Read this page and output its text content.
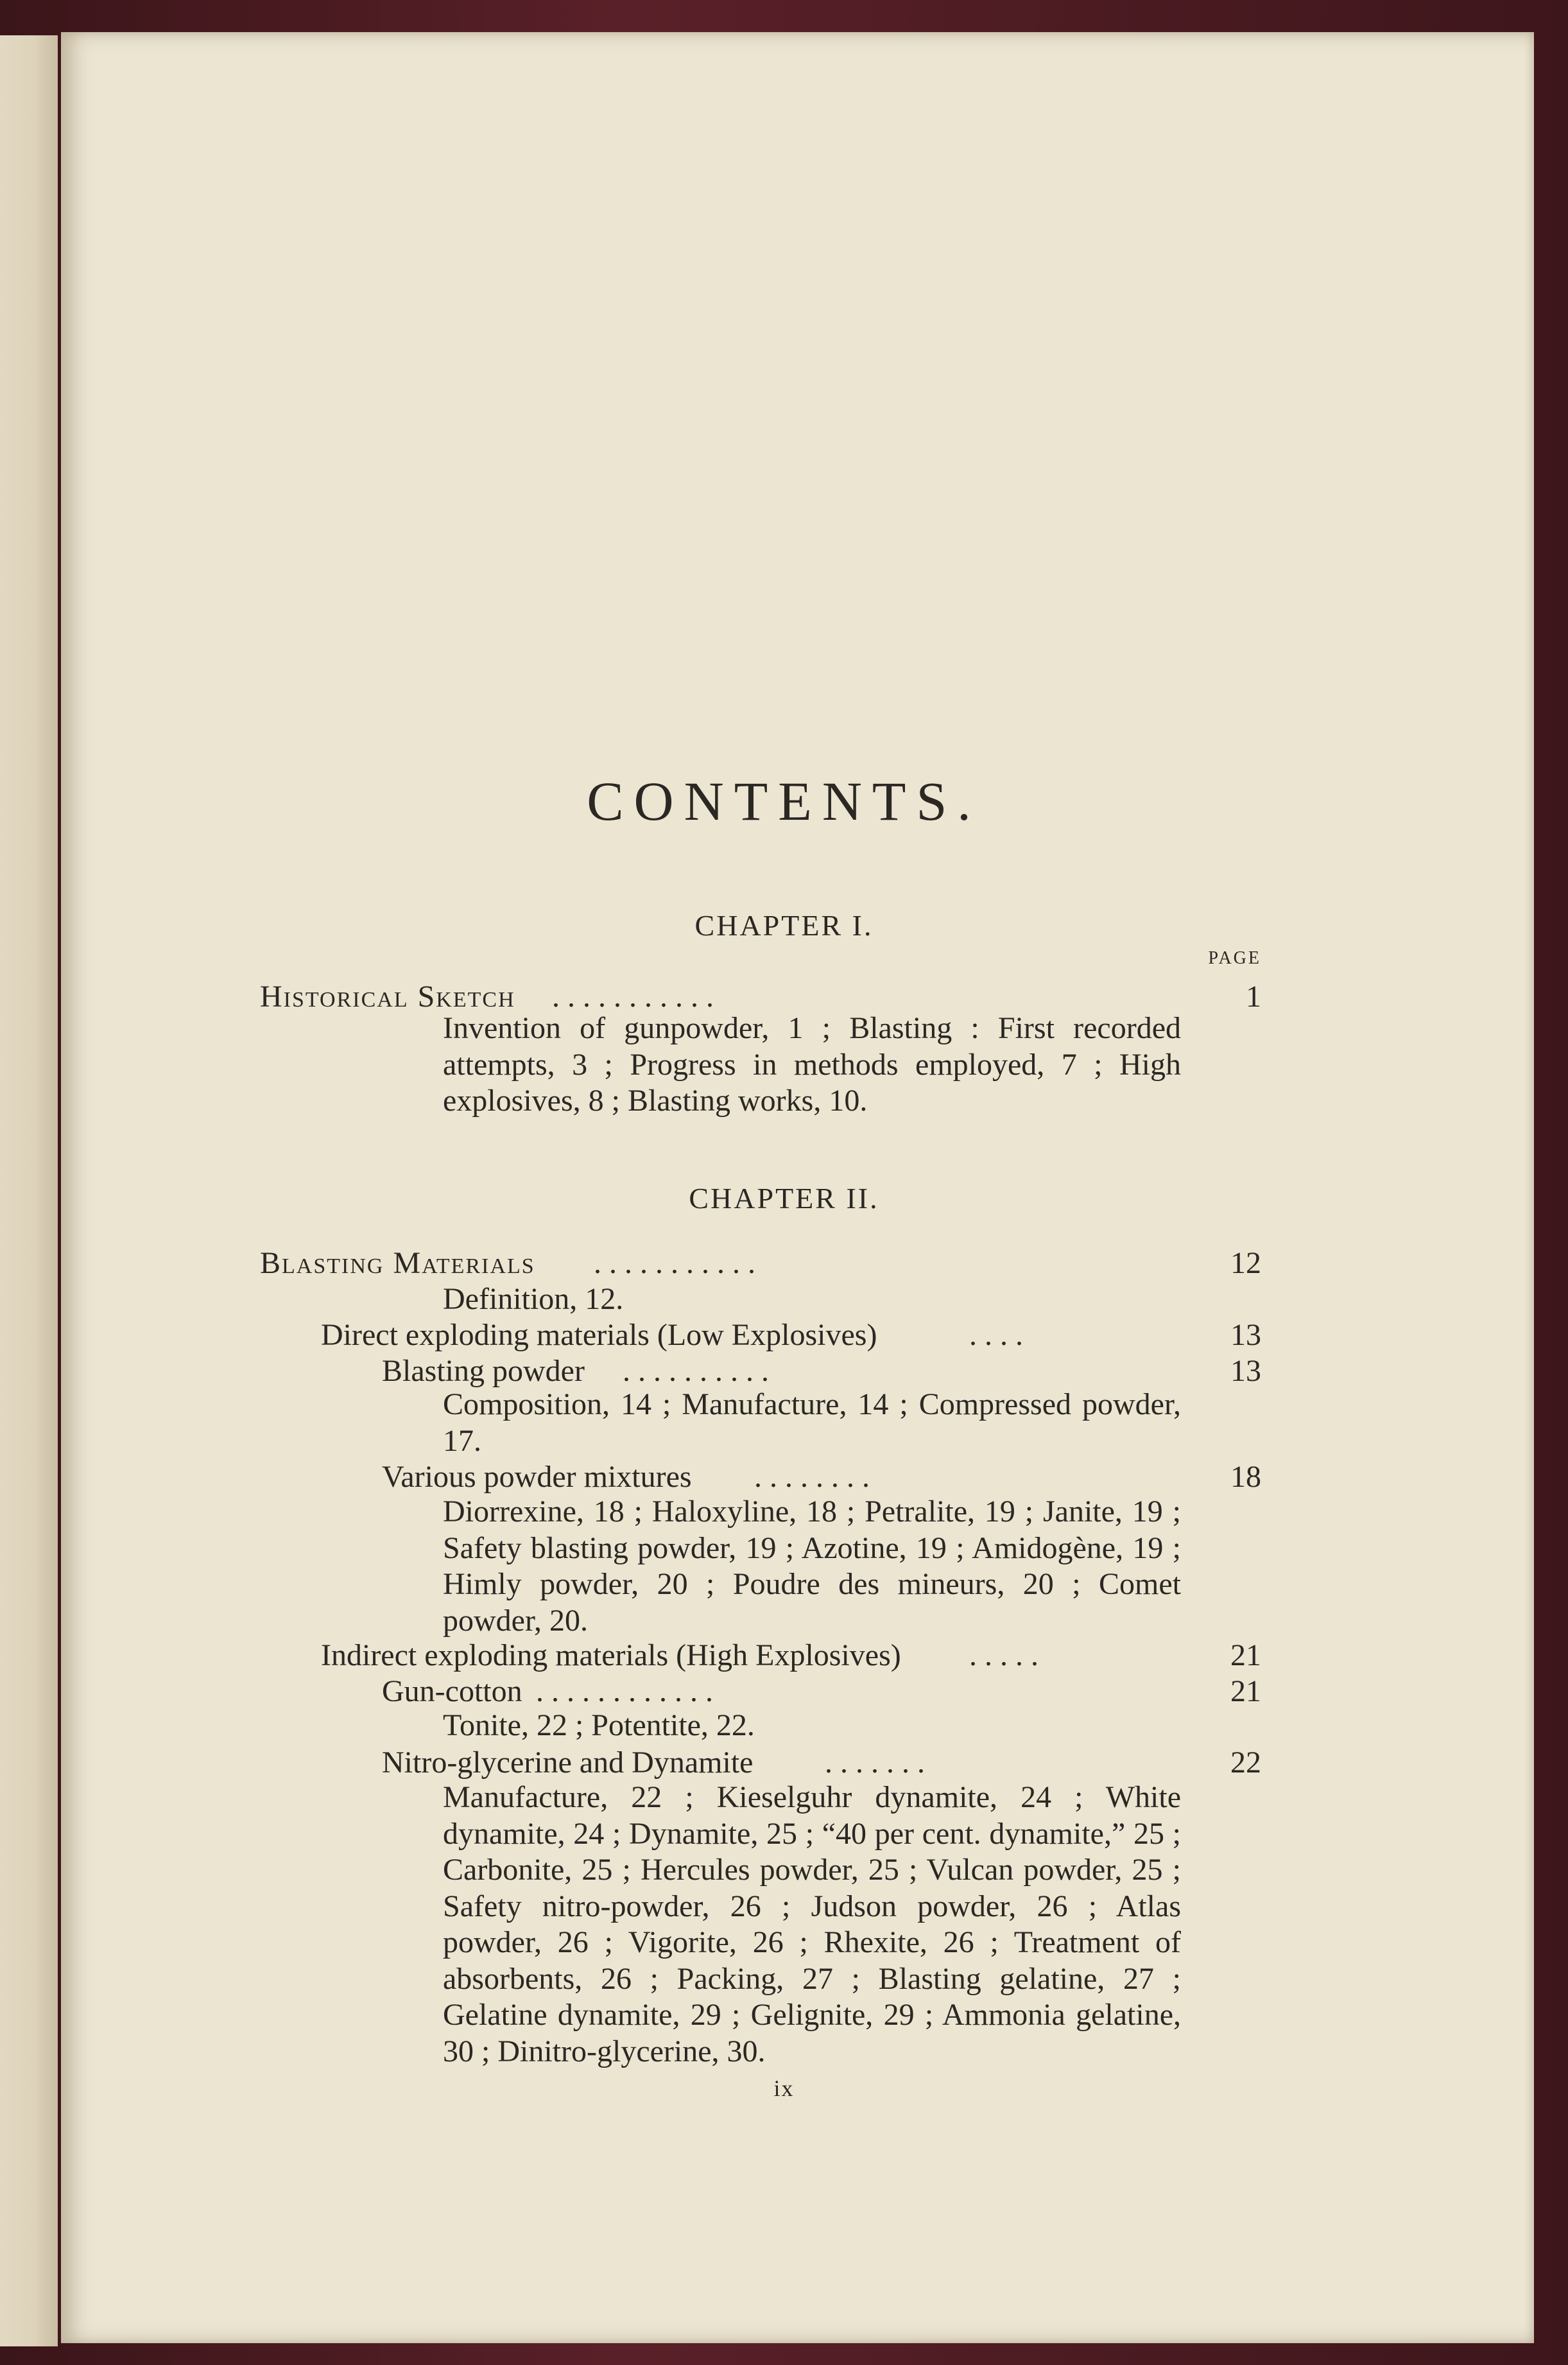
CONTENTS.
CHAPTER I.
PAGE
Historical Sketch . . . . . . . . . . .	1
Invention of gunpowder, 1 ; Blasting : First recorded attempts, 3 ; Progress in methods employed, 7 ; High explosives, 8 ; Blasting works, 10.
CHAPTER II.
Blasting Materials . . . . . . . . . . .	12
Definition, 12.
Direct exploding materials (Low Explosives)	. . . .	13
Blasting powder . . . . . . . . . .	13
Composition, 14 ; Manufacture, 14 ; Compressed powder, 17.
Various powder mixtures . . . . . . . .	18
Diorrexine, 18 ; Haloxyline, 18 ; Petralite, 19 ; Janite, 19 ; Safety blasting powder, 19 ; Azotine, 19 ; Amidogène, 19 ; Himly powder, 20 ; Poudre des mineurs, 20 ; Comet powder, 20.
Indirect exploding materials (High Explosives) . . . . .	21
Gun-cotton . . . . . . . . . . . .	21
Tonite, 22 ; Potentite, 22.
Nitro-glycerine and Dynamite . . . . . . .	22
Manufacture, 22 ; Kieselguhr dynamite, 24 ; White dynamite, 24 ; Dynamite, 25 ; “40 per cent. dynamite,” 25 ; Carbonite, 25 ; Hercules powder, 25 ; Vulcan powder, 25 ; Safety nitro-powder, 26 ; Judson powder, 26 ; Atlas powder, 26 ; Vigorite, 26 ; Rhexite, 26 ; Treatment of absorbents, 26 ; Packing, 27 ; Blasting gelatine, 27 ; Gelatine dynamite, 29 ; Gelignite, 29 ; Ammonia gelatine, 30 ; Dinitro-glycerine, 30.
ix
